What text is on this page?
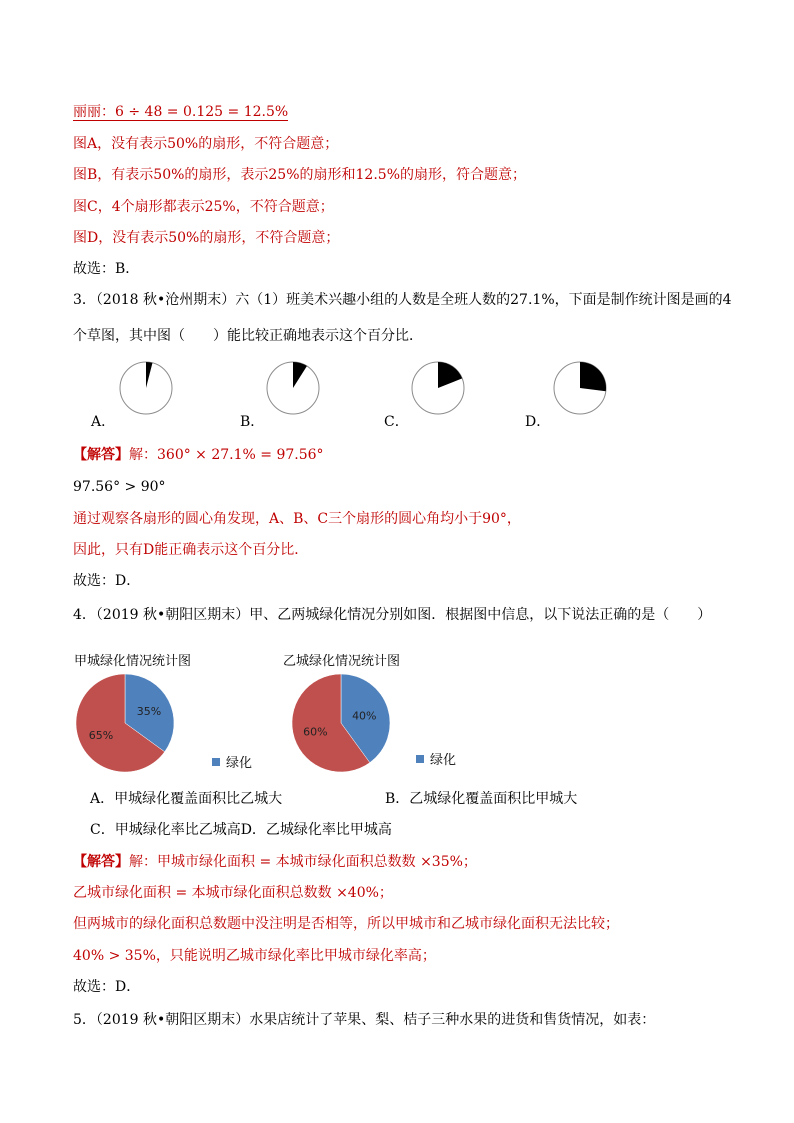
丽丽：6 ÷ 48 = 0.125 = 12.5%
图A，没有表示50%的扇形，不符合题意；
图B，有表示50%的扇形，表示25%的扇形和12.5%的扇形，符合题意；
图C，4个扇形都表示25%，不符合题意；
图D，没有表示50%的扇形，不符合题意；
故选：B．
3．（2018 秋•沧州期末）六（1）班美术兴趣小组的人数是全班人数的27.1%，下面是制作统计图是画的4
个草图，其中图（　　）能比较正确地表示这个百分比．
A．	B．	C．	D．
【解答】解：360° × 27.1% = 97.56°
97.56° > 90°
通过观察各扇形的圆心角发现，A、B、C三个扇形的圆心角均小于90°，
因此，只有D能正确表示这个百分比．
故选：D．
4．（2019 秋•朝阳区期末）甲、乙两城绿化情况分别如图．根据图中信息，以下说法正确的是（　　）
甲城绿化情况统计图	乙城绿化情况统计图
35%
65%
40%
60%
绿化	绿化
A．甲城绿化覆盖面积比乙城大	B．乙城绿化覆盖面积比甲城大
C．甲城绿化率比乙城高D．乙城绿化率比甲城高
【解答】解：甲城市绿化面积 = 本城市绿化面积总数数 ×35%；
乙城市绿化面积 = 本城市绿化面积总数数 ×40%；
但两城市的绿化面积总数题中没注明是否相等，所以甲城市和乙城市绿化面积无法比较；
40% > 35%，只能说明乙城市绿化率比甲城市绿化率高；
故选：D．
5．（2019 秋•朝阳区期末）水果店统计了苹果、梨、桔子三种水果的进货和售货情况，如表：
